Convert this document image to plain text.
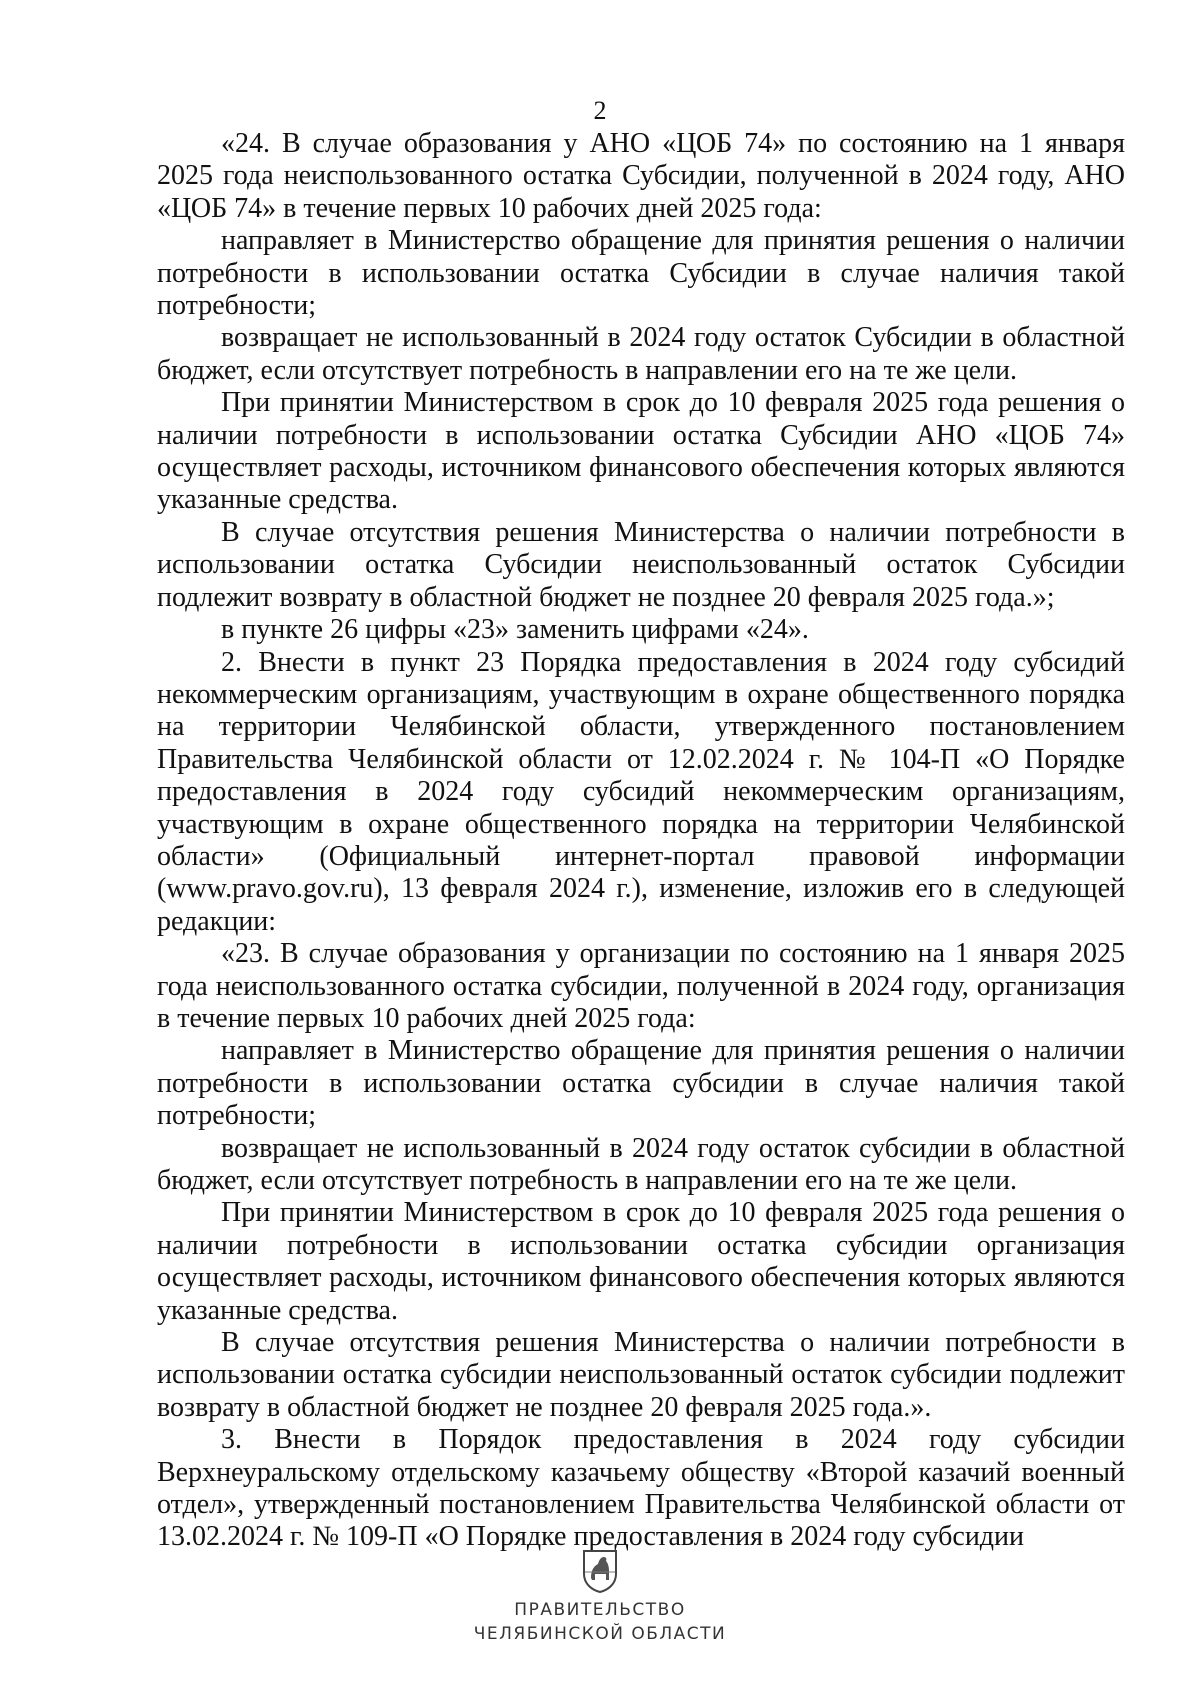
2

«24. В случае образования у АНО «ЦОБ 74» по состоянию на 1 января 2025 года неиспользованного остатка Субсидии, полученной в 2024 году, АНО «ЦОБ 74» в течение первых 10 рабочих дней 2025 года:

направляет в Министерство обращение для принятия решения о наличии потребности в использовании остатка Субсидии в случае наличия такой потребности;

возвращает не использованный в 2024 году остаток Субсидии в областной бюджет, если отсутствует потребность в направлении его на те же цели.

При принятии Министерством в срок до 10 февраля 2025 года решения о наличии потребности в использовании остатка Субсидии АНО «ЦОБ 74» осуществляет расходы, источником финансового обеспечения которых являются указанные средства.

В случае отсутствия решения Министерства о наличии потребности в использовании остатка Субсидии неиспользованный остаток Субсидии подлежит возврату в областной бюджет не позднее 20 февраля 2025 года.»;

в пункте 26 цифры «23» заменить цифрами «24».

2. Внести в пункт 23 Порядка предоставления в 2024 году субсидий некоммерческим организациям, участвующим в охране общественного порядка на территории Челябинской области, утвержденного постановлением Правительства Челябинской области от 12.02.2024 г. № 104-П «О Порядке предоставления в 2024 году субсидий некоммерческим организациям, участвующим в охране общественного порядка на территории Челябинской области» (Официальный интернет-портал правовой информации (www.pravo.gov.ru), 13 февраля 2024 г.), изменение, изложив его в следующей редакции:

«23. В случае образования у организации по состоянию на 1 января 2025 года неиспользованного остатка субсидии, полученной в 2024 году, организация в течение первых 10 рабочих дней 2025 года:

направляет в Министерство обращение для принятия решения о наличии потребности в использовании остатка субсидии в случае наличия такой потребности;

возвращает не использованный в 2024 году остаток субсидии в областной бюджет, если отсутствует потребность в направлении его на те же цели.

При принятии Министерством в срок до 10 февраля 2025 года решения о наличии потребности в использовании остатка субсидии организация осуществляет расходы, источником финансового обеспечения которых являются указанные средства.

В случае отсутствия решения Министерства о наличии потребности в использовании остатка субсидии неиспользованный остаток субсидии подлежит возврату в областной бюджет не позднее 20 февраля 2025 года.».

3. Внести в Порядок предоставления в 2024 году субсидии Верхнеуральскому отдельскому казачьему обществу «Второй казачий военный отдел», утвержденный постановлением Правительства Челябинской области от 13.02.2024 г. № 109-П «О Порядке предоставления в 2024 году субсидии

ПРАВИТЕЛЬСТВО
ЧЕЛЯБИНСКОЙ ОБЛАСТИ
